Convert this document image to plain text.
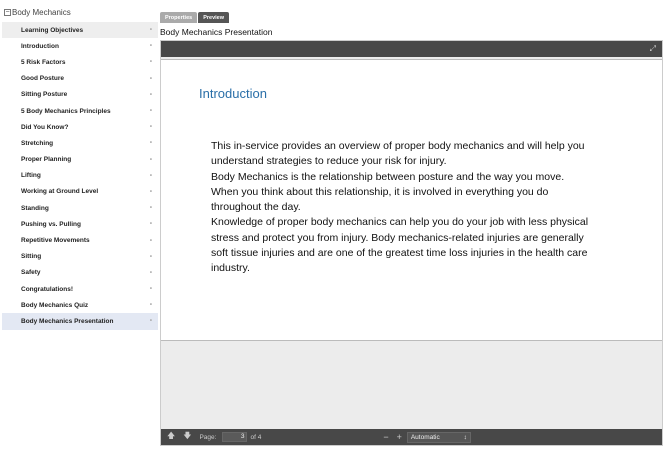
− Body Mechanics
Learning Objectives	•
Introduction	•
5 Risk Factors	•
Good Posture	•
Sitting Posture	•
5 Body Mechanics Principles	•
Did You Know?	•
Stretching	•
Proper Planning	•
Lifting	•
Working at Ground Level	•
Standing	•
Pushing vs. Pulling	•
Repetitive Movements	•
Sitting	•
Safety	•
Congratulations!	•
Body Mechanics Quiz	•
Body Mechanics Presentation	•
Properties	Preview
Body Mechanics Presentation
⤢
Introduction
This in-service provides an overview of proper body mechanics and will help you understand strategies to reduce your risk for injury.
Body Mechanics is the relationship between posture and the way you move. When you think about this relationship, it is involved in everything you do throughout the day.
Knowledge of proper body mechanics can help you do your job with less physical stress and protect you from injury. Body mechanics-related injuries are generally soft tissue injuries and are one of the greatest time loss injuries in the health care industry.
🡅 🡇 Page:	3 of 4	− + Automatic	↕
